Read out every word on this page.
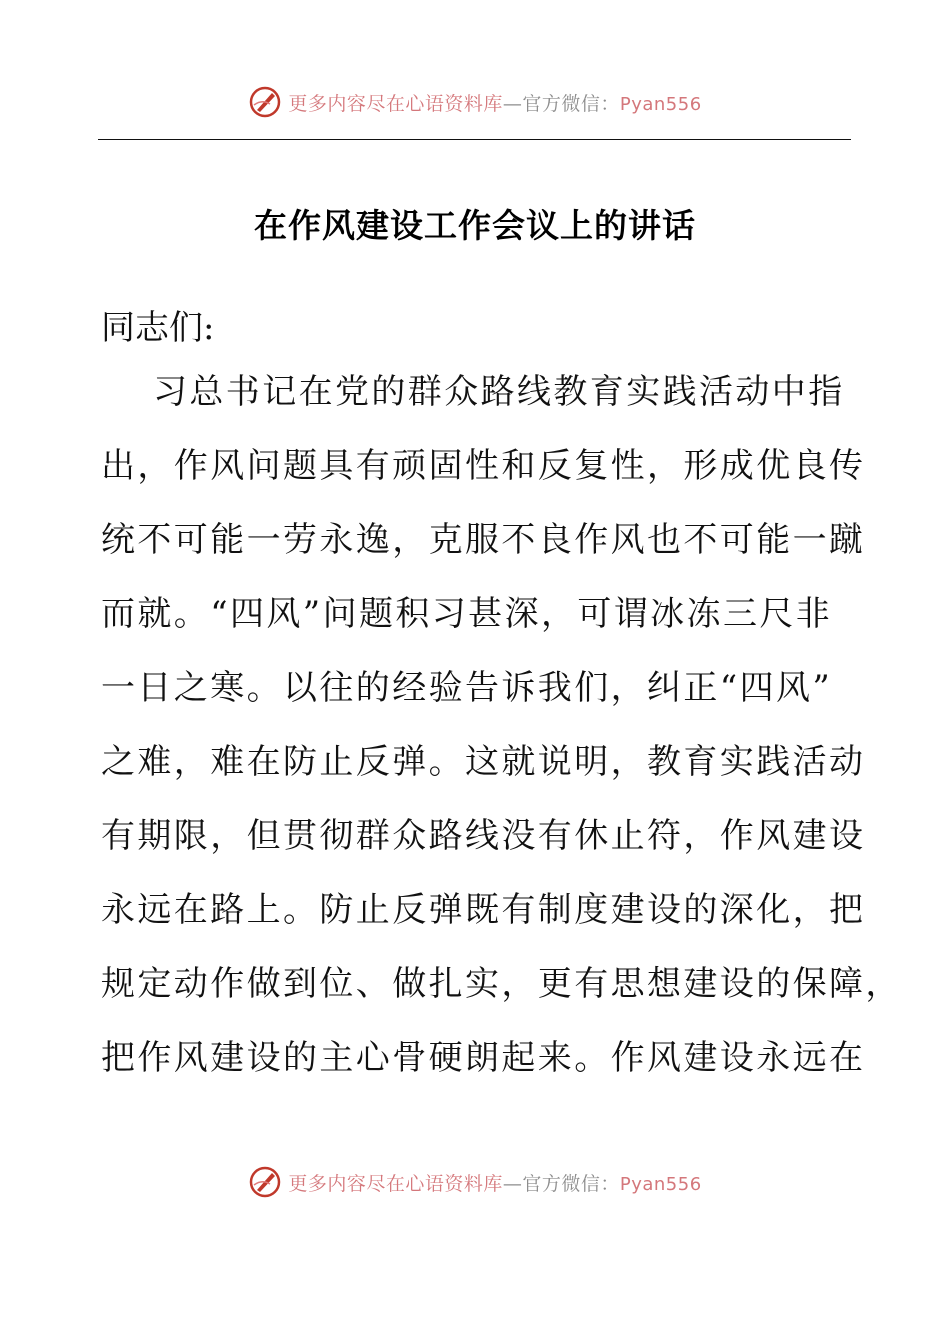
更多内容尽在心语资料库—官方微信：Pyan556
在作风建设工作会议上的讲话
同志们:

习总书记在党的群众路线教育实践活动中指
出，作风问题具有顽固性和反复性，形成优良传
统不可能一劳永逸，克服不良作风也不可能一蹴
而就。“四风”问题积习甚深，可谓冰冻三尺非
一日之寒。以往的经验告诉我们，纠正“四风”
之难，难在防止反弹。这就说明，教育实践活动
有期限，但贯彻群众路线没有休止符，作风建设
永远在路上。防止反弹既有制度建设的深化，把
规定动作做到位、做扎实，更有思想建设的保障，
把作风建设的主心骨硬朗起来。作风建设永远在

更多内容尽在心语资料库—官方微信：Pyan556
